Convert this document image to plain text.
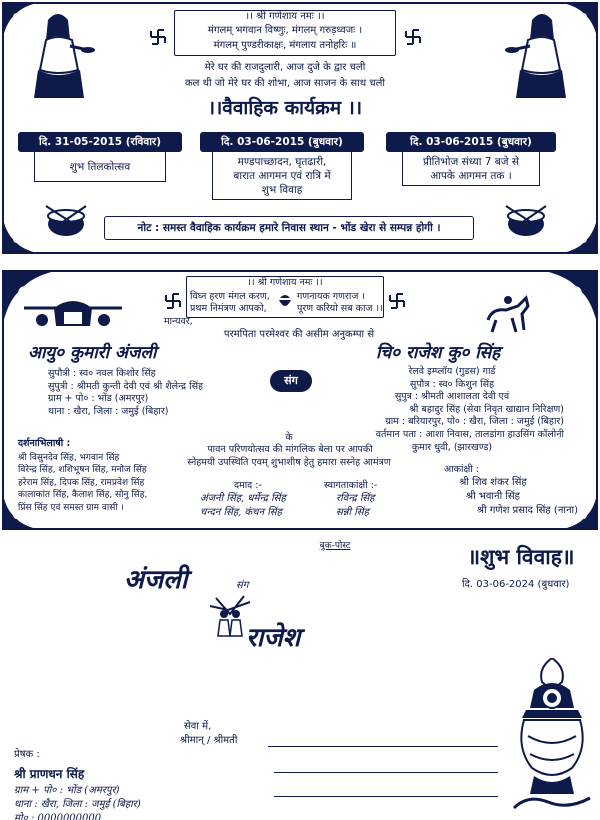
।। श्री गणेशाय नमः ।।
मंगलम् भगवान विष्णुः, मंगलम् गरुड़ध्वजः ।
मंगलम् पुण्डरीकाक्षः, मंगलाय तनोहरिः ॥
मेरे घर की राजदुलारी, आज दुजे के द्वार चली
कल थी जो मेरे घर की शोभा, आज साजन के साथ चली
।।वैवाहिक कार्यक्रम ।।
दि. 31-05-2015 (रविवार)
शुभ तिलकोत्सव
दि. 03-06-2015 (बुधवार)
मण्डपाच्छादन, घृतढारी,
बारात आगमन एवं रात्रि में
शुभ विवाह
दि. 03-06-2015 (बुधवार)
प्रीतिभोज संध्या 7 बजे से
आपके आगमन तक ।
नोट : समस्त वैवाहिक कार्यक्रम हमारे निवास स्थान - भोंड खेरा से सम्पन्न होगी ।
।। श्री गणेशाय नमः ।।
विघ्न हरण मंगल करण,
प्रथम निमंत्रण आपको,
गणनायक गणराज ।
पूरण करियो सब काज ।।
मान्यवर,
परमपिता परमेश्वर की असीम अनुकम्पा से
आयु० कुमारी अंजली
सुपौत्री : स्व० नवल किशोर सिंह
सुपुत्री : श्रीमती कुन्ती देवी एवं श्री शैलेन्द्र सिंह
ग्राम + पो० : भोंड (अमरपुर)
थाना : खैरा, जिला : जमुई (बिहार)
संग
चि० राजेश कु० सिंह
रेलवे इम्प्लॉय (गुडस) गार्ड
सुपौत्र : स्व० किशुन सिंह
सुपुत्र : श्रीमती आशालता देवी एवं
श्री बहादुर सिंह (सेवा निवृत खाद्यान निरिक्षण)
ग्राम : बरियारपुर, पो० : खैरा, जिला : जमुई (बिहार)
वर्तमान पता : आशा निवास, तालडांगा हाउसिंग कॉलोनी
कुमार धुवी, (झारखण्ड)
के
पावन परिणयोत्सव की मांगलिक बेला पर आपकी
स्नेहमयी उपस्थिति एवम् शुभाशीष हेतु हमारा सस्नेह आमंत्रण
दर्शनाभिलाषी :
श्री विसुनदेव सिंह, भगवान सिंह
विरेन्द्र सिंह, शशिभूषन सिंह, मनोज सिंह
हरेराम सिंह, दिपक सिंह, रामप्रवेश सिंह
कालाकांत सिंह, कैलाश सिंह, सोनु सिंह,
प्रिंस सिंह एवं समस्त ग्राम वासी ।
दमाद :-
अंजनी सिंह, धर्मेन्द्र सिंह
चन्दन सिंह, कंचन सिंह
स्वागताकांक्षी :-
रविन्द्र सिंह
सन्नी सिंह
आकांक्षी :
श्री शिव शंकर सिंह
श्री भवानी सिंह
श्री गणेश प्रसाद सिंह (नाना)
बुक-पोस्ट	॥शुभ विवाह॥
दि. 03-06-2024 (बुधवार)
अंजली	संग
राजेश
सेवा में,
श्रीमान् / श्रीमती
प्रेषक :
श्री प्राणधन सिंह
ग्राम + पो० : भोंड (अमरपुर)
थाना : खैरा, जिला : जमुई (बिहार)
मो० : 0000000000
